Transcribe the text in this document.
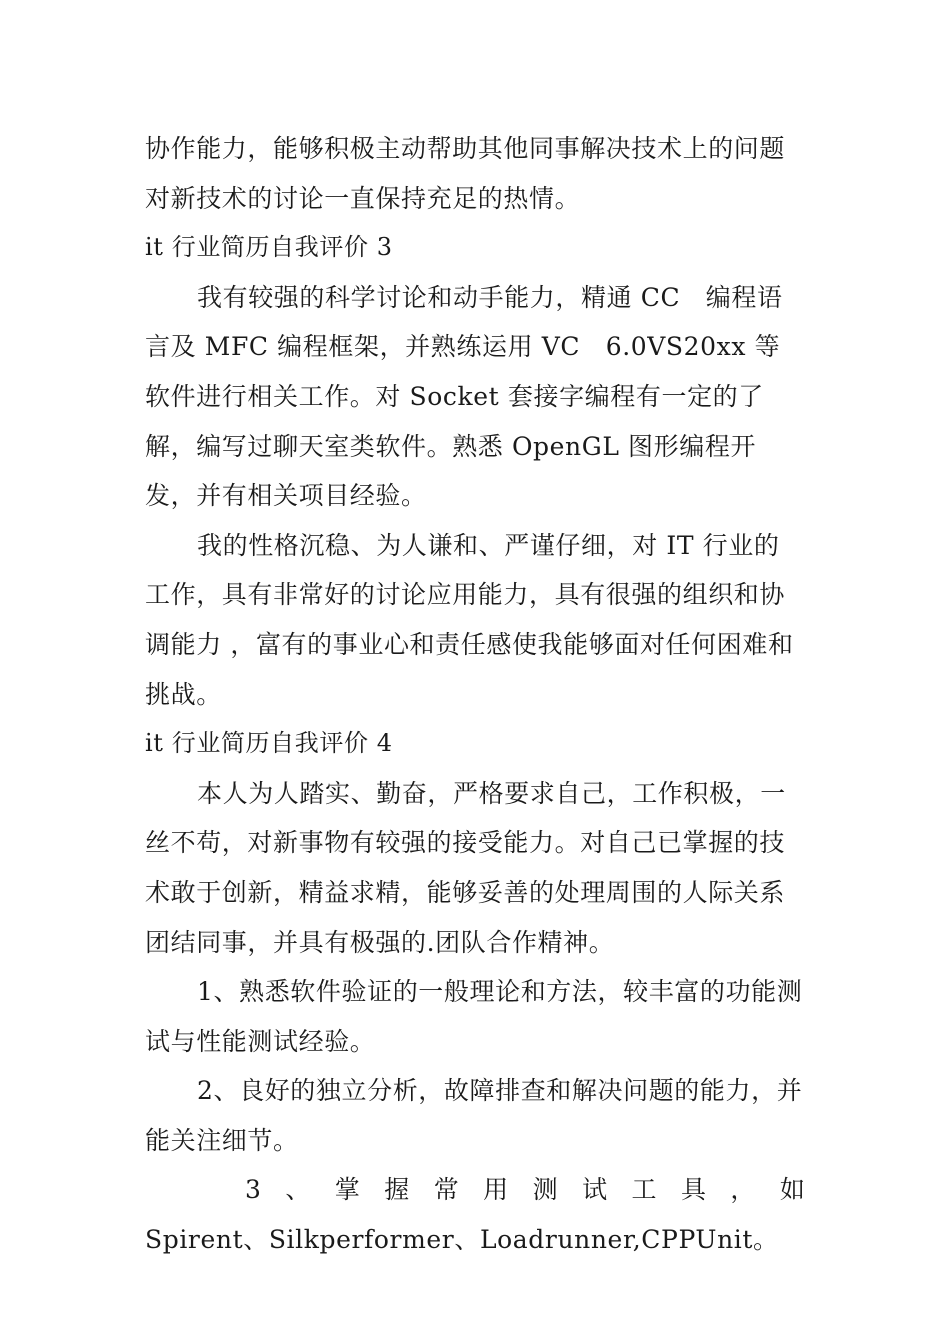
协作能力，能够积极主动帮助其他同事解决技术上的问题对新技术的讨论一直保持充足的热情。

it 行业简历自我评价 3

我有较强的科学讨论和动手能力，精通 CC　编程语言及 MFC 编程框架，并熟练运用 VC　6.0VS20xx 等软件进行相关工作。对 Socket 套接字编程有一定的了解，编写过聊天室类软件。熟悉 OpenGL 图形编程开发，并有相关项目经验。

我的性格沉稳、为人谦和、严谨仔细，对 IT 行业的工作，具有非常好的讨论应用能力，具有很强的组织和协调能力 ，富有的事业心和责任感使我能够面对任何困难和挑战。

it 行业简历自我评价 4

本人为人踏实、勤奋，严格要求自己，工作积极，一丝不苟，对新事物有较强的接受能力。对自己已掌握的技术敢于创新，精益求精，能够妥善的处理周围的人际关系团结同事，并具有极强的.团队合作精神。

1、熟悉软件验证的一般理论和方法，较丰富的功能测试与性能测试经验。

2、良好的独立分析，故障排查和解决问题的能力，并能关注细节。

3 、 掌 握 常 用 测 试 工 具 ， 如

Spirent、Silkperformer、Loadrunner,CPPUnit。
